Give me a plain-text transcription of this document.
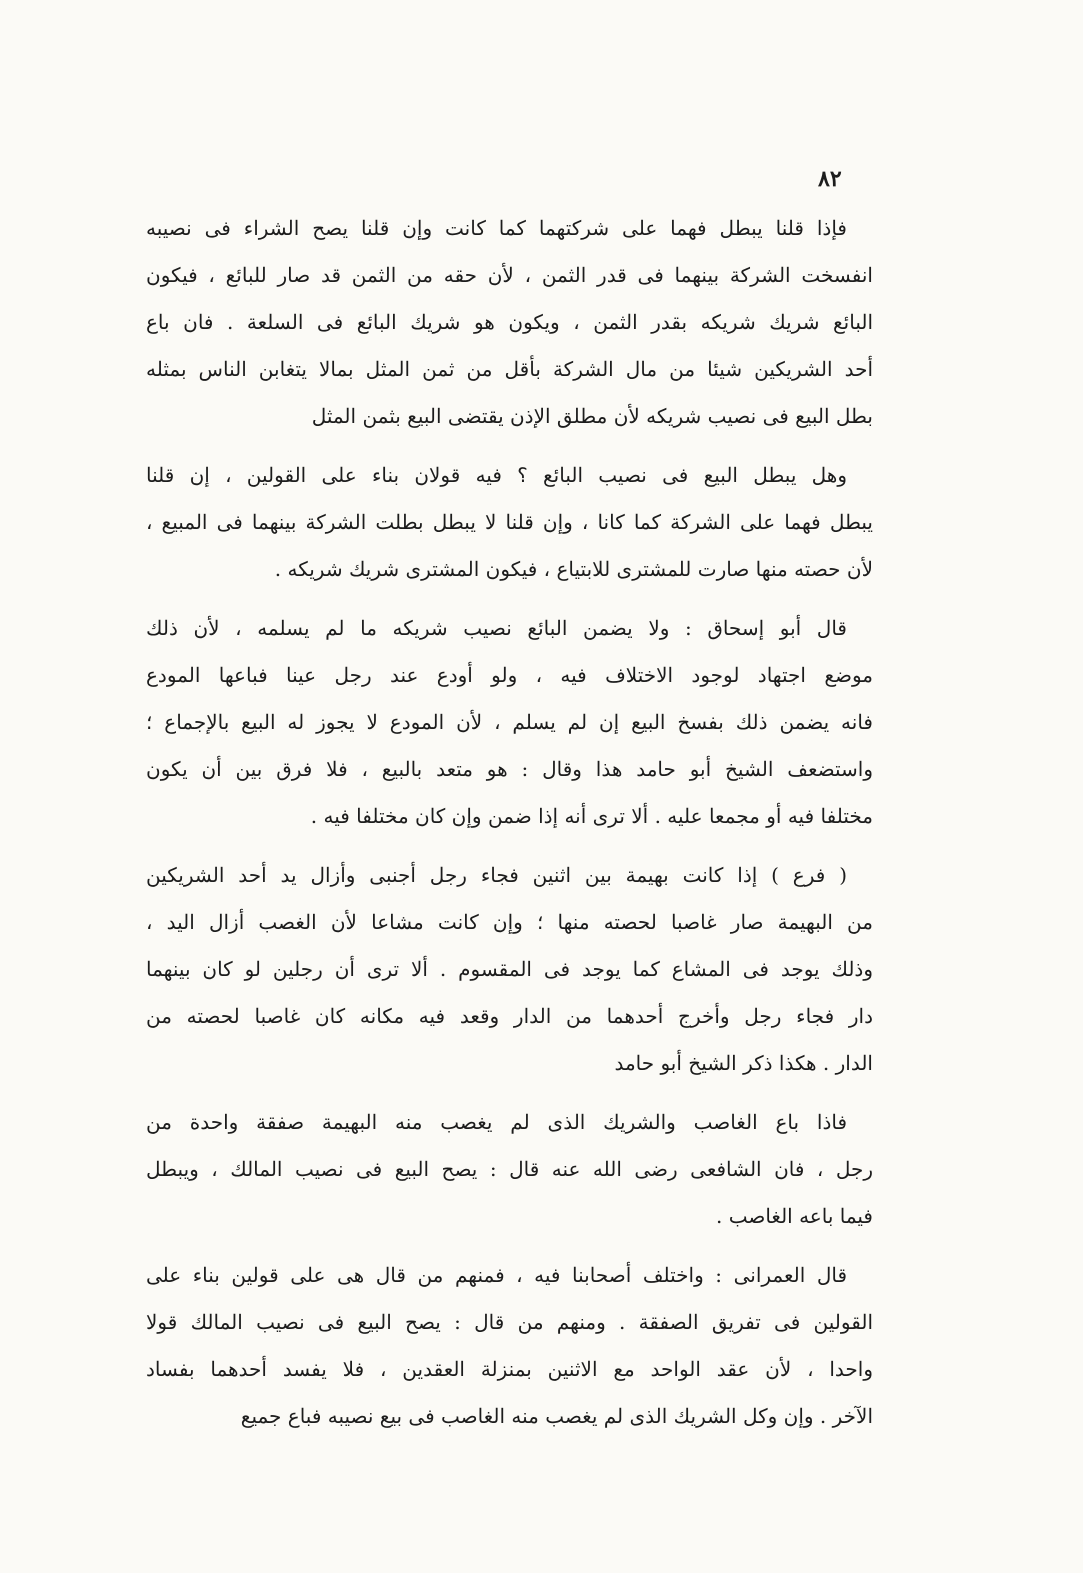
٨٢
فإذا قلنا يبطل فهما على شركتهما كما كانت وإن قلنا يصح الشراء فى نصيبه
انفسخت الشركة بينهما فى قدر الثمن ، لأن حقه من الثمن قد صار للبائع ، فيكون
البائع شريك شريكه بقدر الثمن ، ويكون هو شريك البائع فى السلعة . فان باع
أحد الشريكين شيئا من مال الشركة بأقل من ثمن المثل بمالا يتغابن الناس بمثله
بطل البيع فى نصيب شريكه لأن مطلق الإذن يقتضى البيع بثمن المثل
وهل يبطل البيع فى نصيب البائع ؟ فيه قولان بناء على القولين ، إن قلنا
يبطل فهما على الشركة كما كانا ، وإن قلنا لا يبطل بطلت الشركة بينهما فى المبيع ،
لأن حصته منها صارت للمشترى للابتياع ، فيكون المشترى شريك شريكه .
قال أبو إسحاق : ولا يضمن البائع نصيب شريكه ما لم يسلمه ، لأن ذلك
موضع اجتهاد لوجود الاختلاف فيه ، ولو أودع عند رجل عينا فباعها المودع
فانه يضمن ذلك بفسخ البيع إن لم يسلم ، لأن المودع لا يجوز له البيع بالإجماع ؛
واستضعف الشيخ أبو حامد هذا وقال : هو متعد بالبيع ، فلا فرق بين أن يكون
مختلفا فيه أو مجمعا عليه . ألا ترى أنه إذا ضمن وإن كان مختلفا فيه .
( فرع ) إذا كانت بهيمة بين اثنين فجاء رجل أجنبى وأزال يد أحد الشريكين
من البهيمة صار غاصبا لحصته منها ؛ وإن كانت مشاعا لأن الغصب أزال اليد ،
وذلك يوجد فى المشاع كما يوجد فى المقسوم . ألا ترى أن رجلين لو كان بينهما
دار فجاء رجل وأخرج أحدهما من الدار وقعد فيه مكانه كان غاصبا لحصته من
الدار . هكذا ذكر الشيخ أبو حامد
فاذا باع الغاصب والشريك الذى لم يغصب منه البهيمة صفقة واحدة من
رجل ، فان الشافعى رضى الله عنه قال : يصح البيع فى نصيب المالك ، ويبطل
فيما باعه الغاصب .
قال العمرانى : واختلف أصحابنا فيه ، فمنهم من قال هى على قولين بناء على
القولين فى تفريق الصفقة . ومنهم من قال : يصح البيع فى نصيب المالك قولا
واحدا ، لأن عقد الواحد مع الاثنين بمنزلة العقدين ، فلا يفسد أحدهما بفساد
الآخر . وإن وكل الشريك الذى لم يغصب منه الغاصب فى بيع نصيبه فباع جميع
